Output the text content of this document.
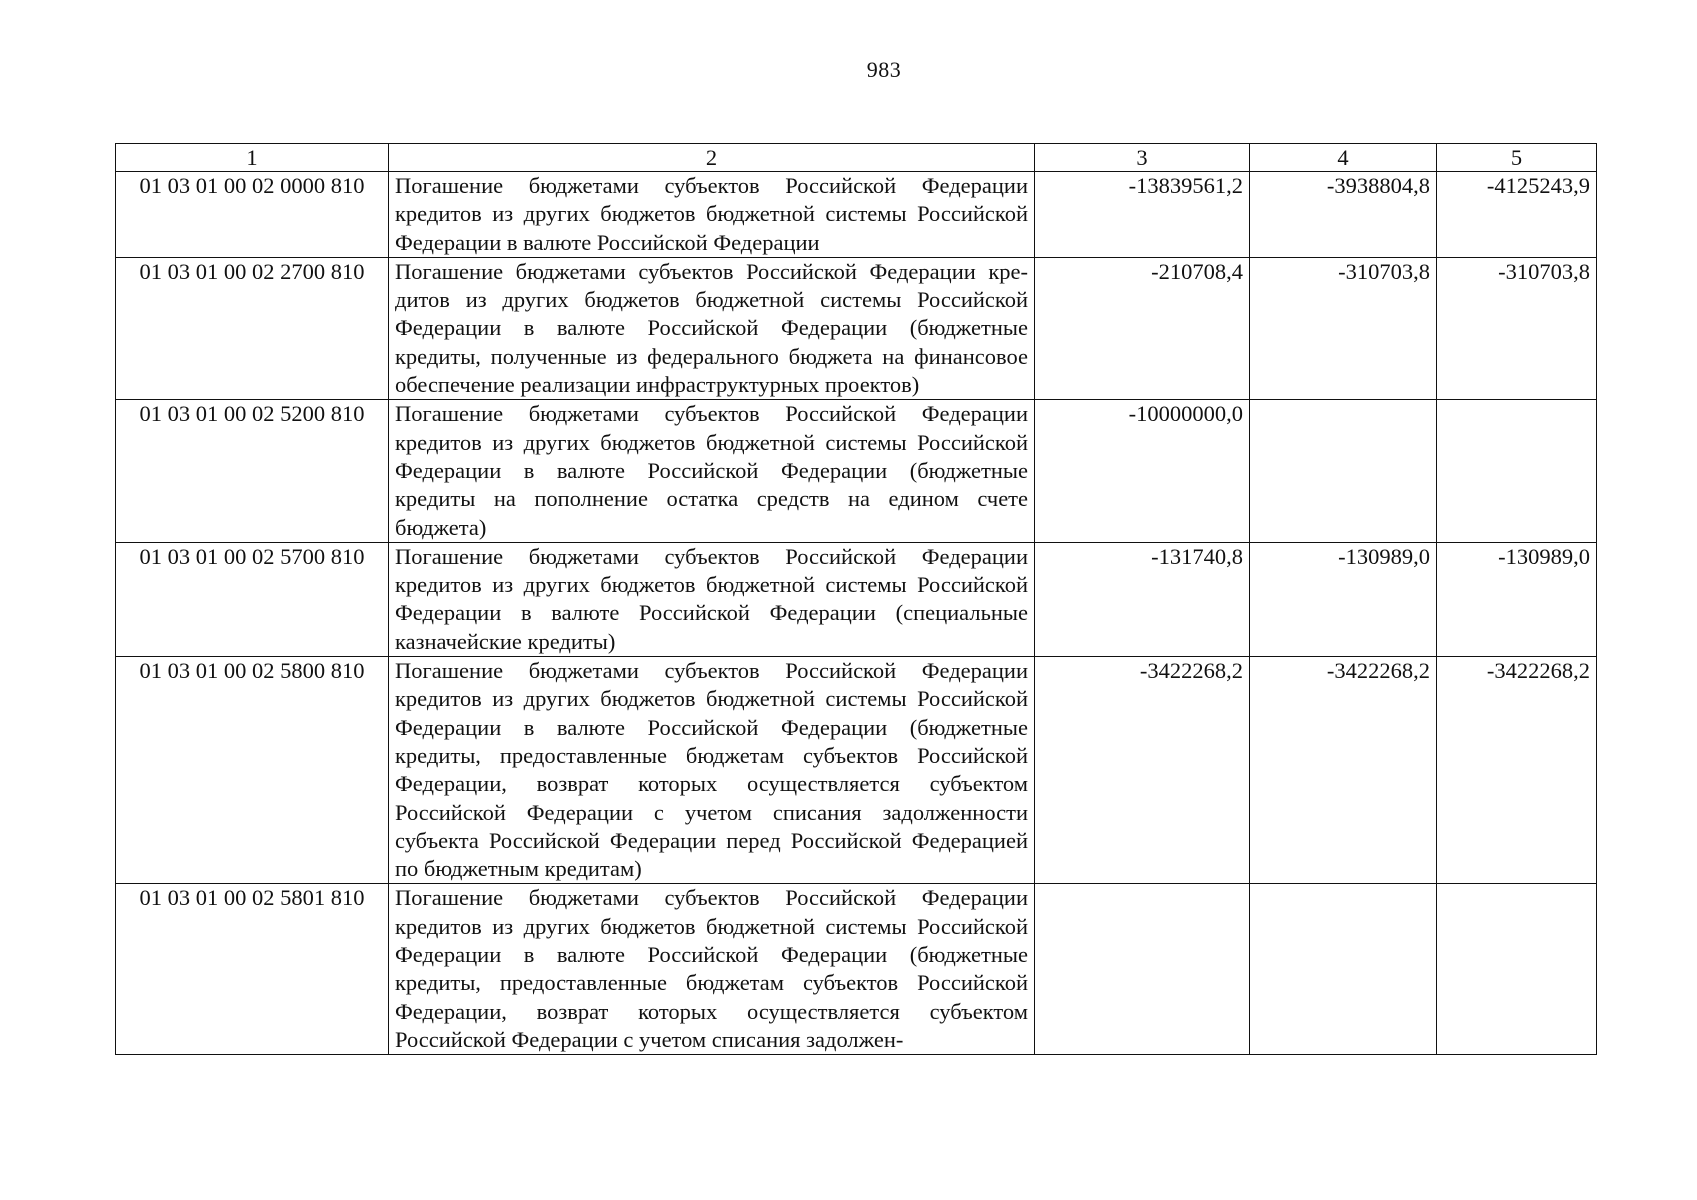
983
1	2	3	4	5
01 03 01 00 02 0000 810	Погашение бюджетами субъектов Российской Федерации кредитов из других бюджетов бюджетной системы Российской Федерации в валюте Российской Федерации	-13839561,2	-3938804,8	-4125243,9
01 03 01 00 02 2700 810	Погашение бюджетами субъектов Российской Федерации кредитов из других бюджетов бюджетной системы Российской Федерации в валюте Российской Федерации (бюджетные кредиты, полученные из федерального бюджета на финансовое обеспечение реализации инфраструктурных проектов)	-210708,4	-310703,8	-310703,8
01 03 01 00 02 5200 810	Погашение бюджетами субъектов Российской Федерации кредитов из других бюджетов бюджетной системы Российской Федерации в валюте Российской Федерации (бюджетные кредиты на пополнение остатка средств на едином счете бюджета)	-10000000,0		
01 03 01 00 02 5700 810	Погашение бюджетами субъектов Российской Федерации кредитов из других бюджетов бюджетной системы Российской Федерации в валюте Российской Федерации (специальные казначейские кредиты)	-131740,8	-130989,0	-130989,0
01 03 01 00 02 5800 810	Погашение бюджетами субъектов Российской Федерации кредитов из других бюджетов бюджетной системы Российской Федерации в валюте Российской Федерации (бюджетные кредиты, предоставленные бюджетам субъектов Российской Федерации, возврат которых осуществляется субъектом Российской Федерации с учетом списания задолженности субъекта Российской Федерации перед Российской Федерацией по бюджетным кредитам)	-3422268,2	-3422268,2	-3422268,2
01 03 01 00 02 5801 810	Погашение бюджетами субъектов Российской Федерации кредитов из других бюджетов бюджетной системы Российской Федерации в валюте Российской Федерации (бюджетные кредиты, предоставленные бюджетам субъектов Российской Федерации, возврат которых осуществляется субъектом Российской Федерации с учетом списания задолжен-			
